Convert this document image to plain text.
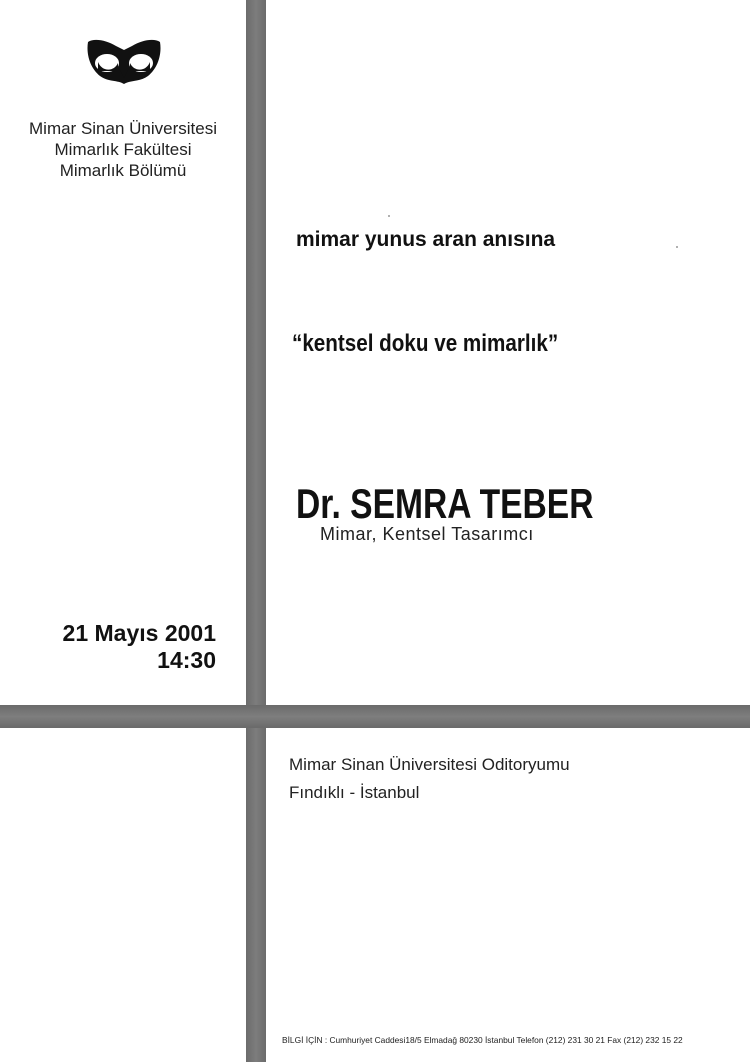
Mimar Sinan Üniversitesi
Mimarlık Fakültesi
Mimarlık Bölümü
mimar yunus aran anısına
“kentsel doku ve mimarlık”
Dr. SEMRA TEBER
Mimar, Kentsel Tasarımcı
21 Mayıs 2001
14:30
Mimar Sinan Üniversitesi Oditoryumu
Fındıklı - İstanbul
BİLGİ İÇİN : Cumhuriyet Caddesi18/5 Elmadağ 80230 İstanbul Telefon (212) 231 30 21 Fax (212) 232 15 22
